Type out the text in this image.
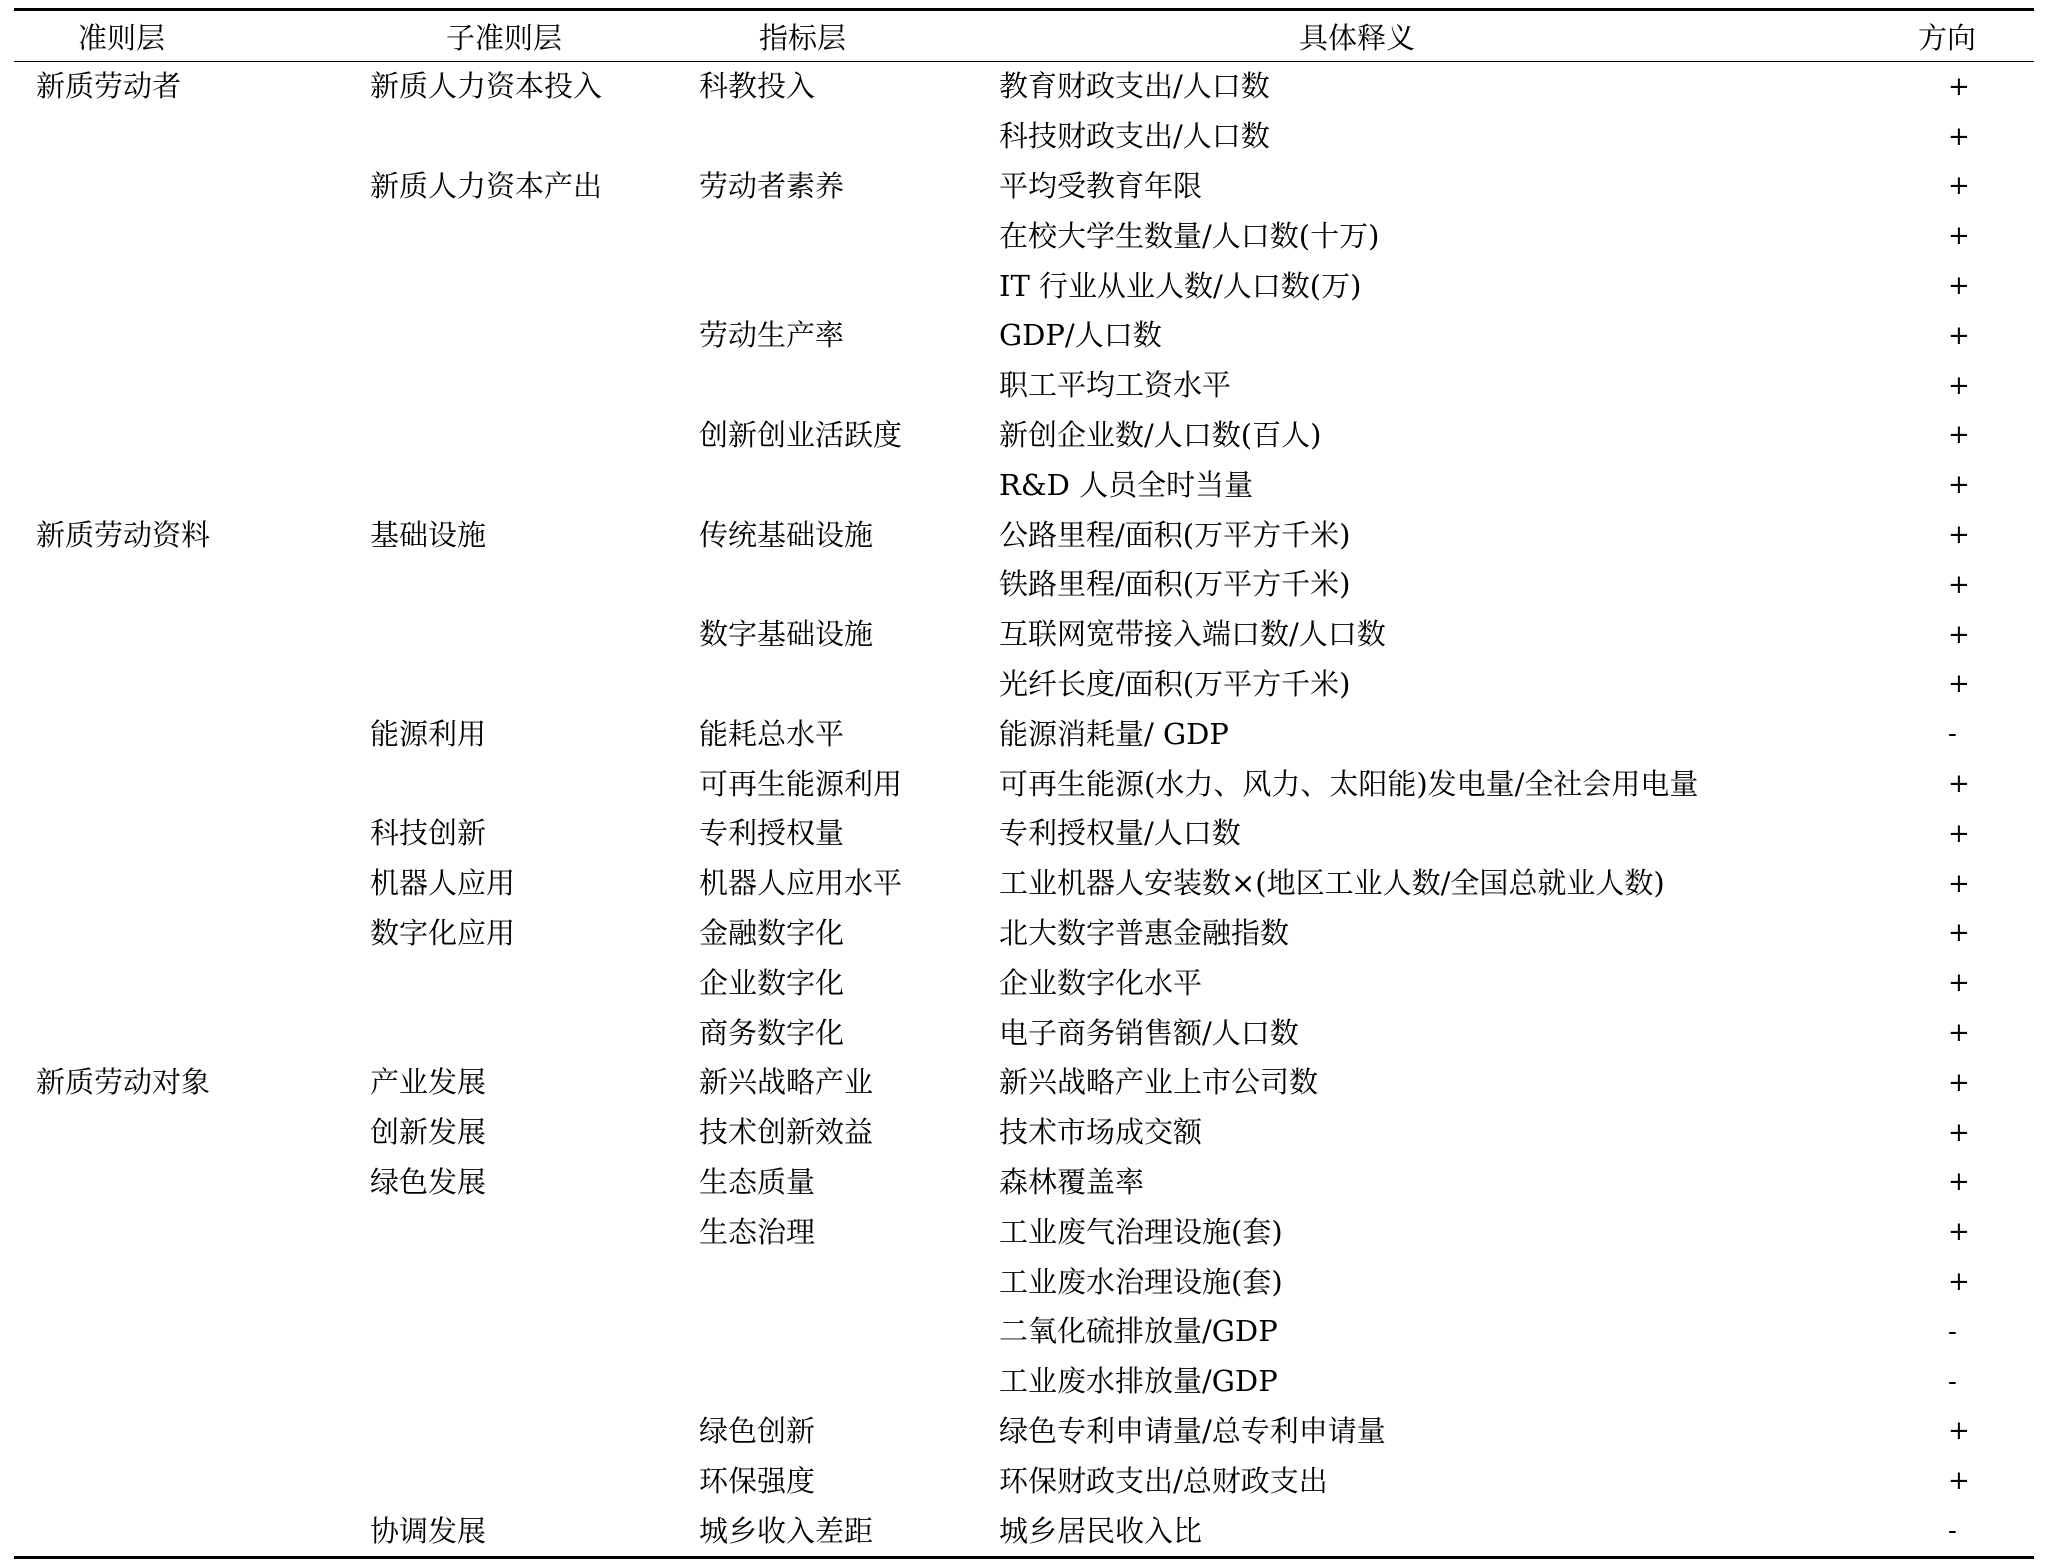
准则层	子准则层	指标层	具体释义	方向
新质劳动者	新质人力资本投入	科教投入	教育财政支出/人口数	+
			科技财政支出/人口数	+
	新质人力资本产出	劳动者素养	平均受教育年限	+
			在校大学生数量/人口数(十万)	+
			IT 行业从业人数/人口数(万)	+
		劳动生产率	GDP/人口数	+
			职工平均工资水平	+
		创新创业活跃度	新创企业数/人口数(百人)	+
			R&D 人员全时当量	+
新质劳动资料	基础设施	传统基础设施	公路里程/面积(万平方千米)	+
			铁路里程/面积(万平方千米)	+
		数字基础设施	互联网宽带接入端口数/人口数	+
			光纤长度/面积(万平方千米)	+
	能源利用	能耗总水平	能源消耗量/ GDP	-
		可再生能源利用	可再生能源(水力、风力、太阳能)发电量/全社会用电量	+
	科技创新	专利授权量	专利授权量/人口数	+
	机器人应用	机器人应用水平	工业机器人安装数×(地区工业人数/全国总就业人数)	+
	数字化应用	金融数字化	北大数字普惠金融指数	+
		企业数字化	企业数字化水平	+
		商务数字化	电子商务销售额/人口数	+
新质劳动对象	产业发展	新兴战略产业	新兴战略产业上市公司数	+
	创新发展	技术创新效益	技术市场成交额	+
	绿色发展	生态质量	森林覆盖率	+
		生态治理	工业废气治理设施(套)	+
			工业废水治理设施(套)	+
			二氧化硫排放量/GDP	-
			工业废水排放量/GDP	-
		绿色创新	绿色专利申请量/总专利申请量	+
		环保强度	环保财政支出/总财政支出	+
	协调发展	城乡收入差距	城乡居民收入比	-
